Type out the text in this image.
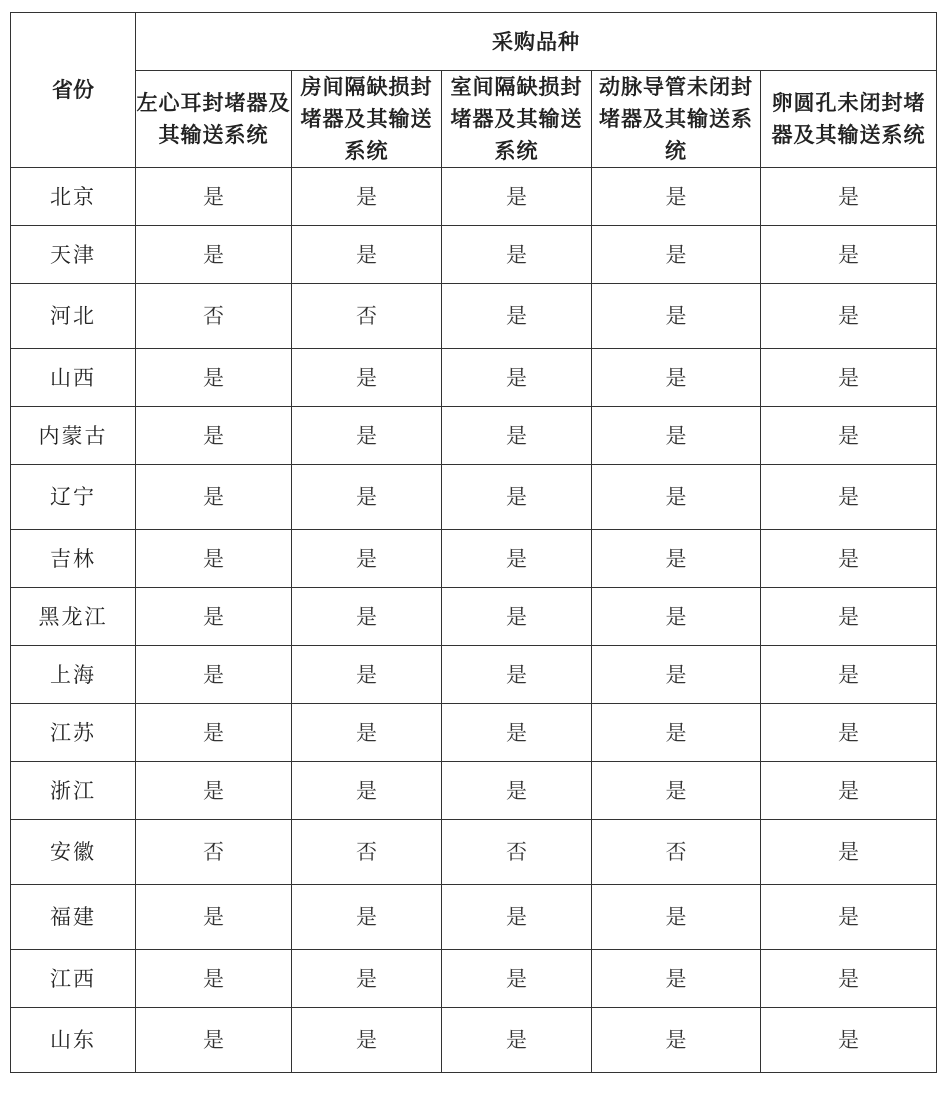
省份	采购品种				
	左心耳封堵器及其输送系统	房间隔缺损封堵器及其输送系统	室间隔缺损封堵器及其输送系统	动脉导管未闭封堵器及其输送系统	卵圆孔未闭封堵器及其输送系统
北京	是	是	是	是	是
天津	是	是	是	是	是
河北	否	否	是	是	是
山西	是	是	是	是	是
内蒙古	是	是	是	是	是
辽宁	是	是	是	是	是
吉林	是	是	是	是	是
黑龙江	是	是	是	是	是
上海	是	是	是	是	是
江苏	是	是	是	是	是
浙江	是	是	是	是	是
安徽	否	否	否	否	是
福建	是	是	是	是	是
江西	是	是	是	是	是
山东	是	是	是	是	是
